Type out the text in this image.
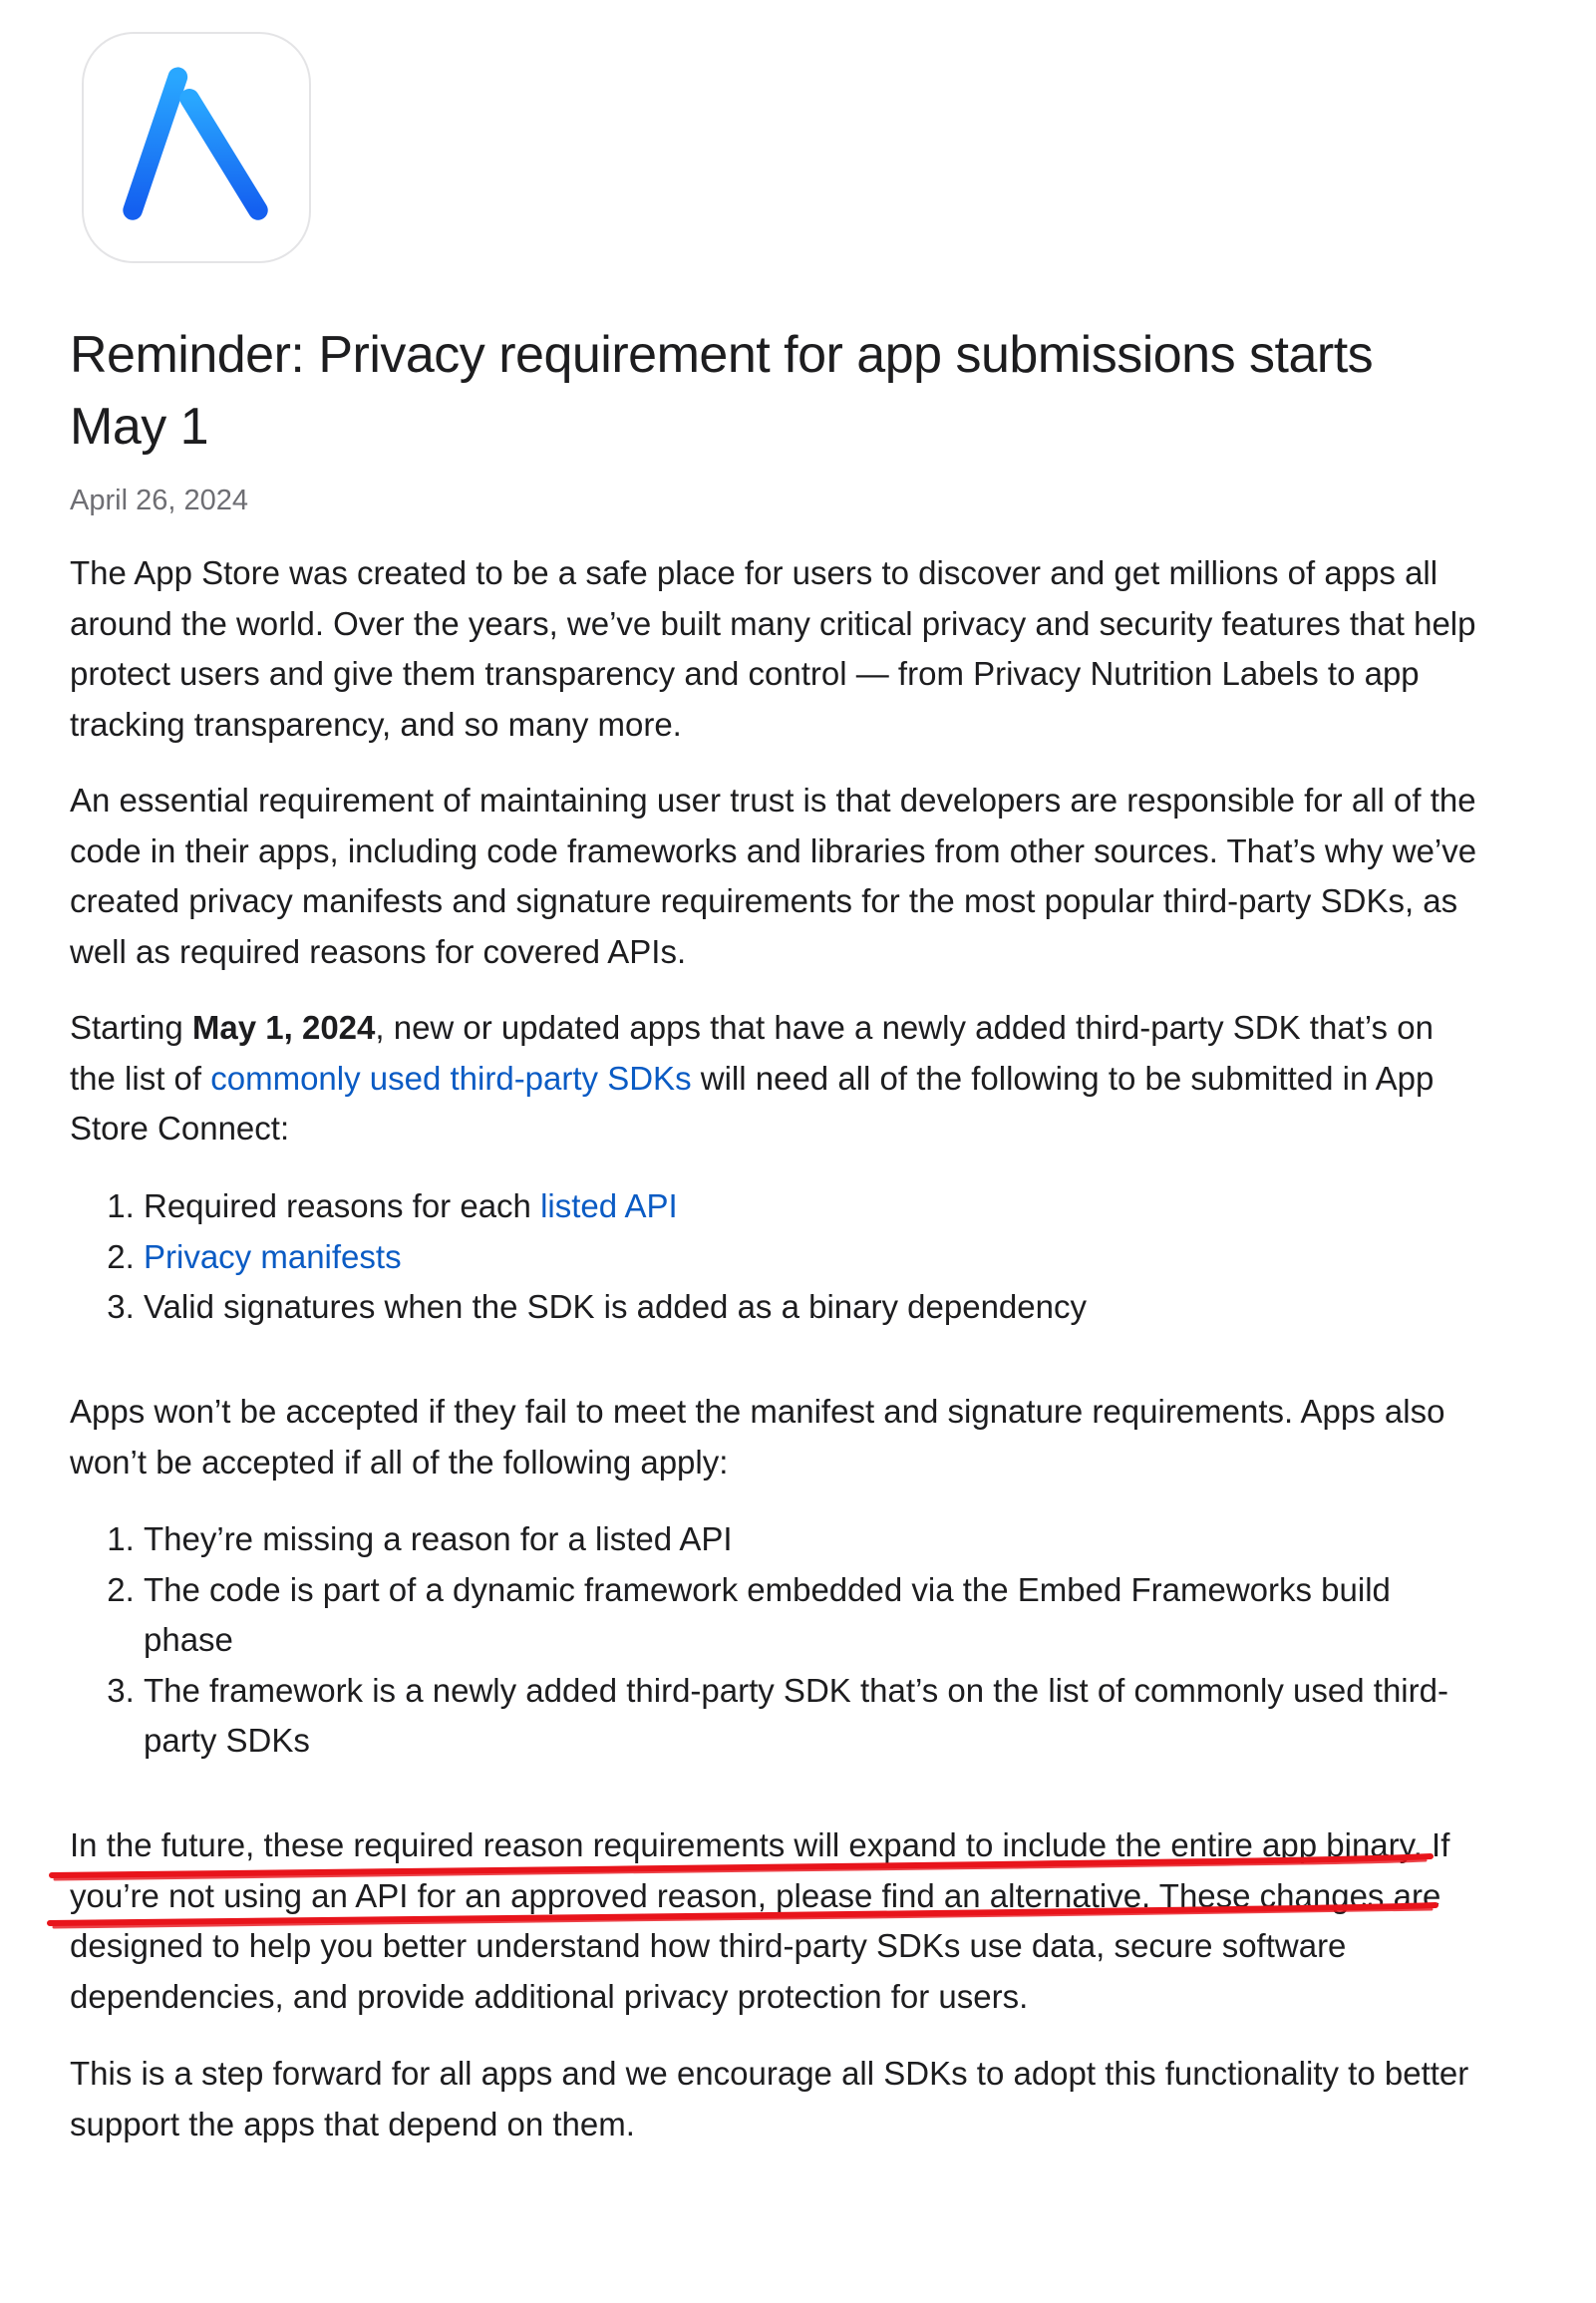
Reminder: Privacy requirement for app submissions starts May 1
April 26, 2024

The App Store was created to be a safe place for users to discover and get millions of apps all around the world. Over the years, we’ve built many critical privacy and security features that help protect users and give them transparency and control — from Privacy Nutrition Labels to app tracking transparency, and so many more.

An essential requirement of maintaining user trust is that developers are responsible for all of the code in their apps, including code frameworks and libraries from other sources. That’s why we’ve created privacy manifests and signature requirements for the most popular third-party SDKs, as well as required reasons for covered APIs.

Starting May 1, 2024, new or updated apps that have a newly added third-party SDK that’s on the list of commonly used third-party SDKs will need all of the following to be submitted in App Store Connect:

1. Required reasons for each listed API
2. Privacy manifests
3. Valid signatures when the SDK is added as a binary dependency

Apps won’t be accepted if they fail to meet the manifest and signature requirements. Apps also won’t be accepted if all of the following apply:

1. They’re missing a reason for a listed API
2. The code is part of a dynamic framework embedded via the Embed Frameworks build phase
3. The framework is a newly added third-party SDK that’s on the list of commonly used third-party SDKs

In the future, these required reason requirements will expand to include the entire app binary. If you’re not using an API for an approved reason, please find an alternative. These changes are designed to help you better understand how third-party SDKs use data, secure software dependencies, and provide additional privacy protection for users.

This is a step forward for all apps and we encourage all SDKs to adopt this functionality to better support the apps that depend on them.
